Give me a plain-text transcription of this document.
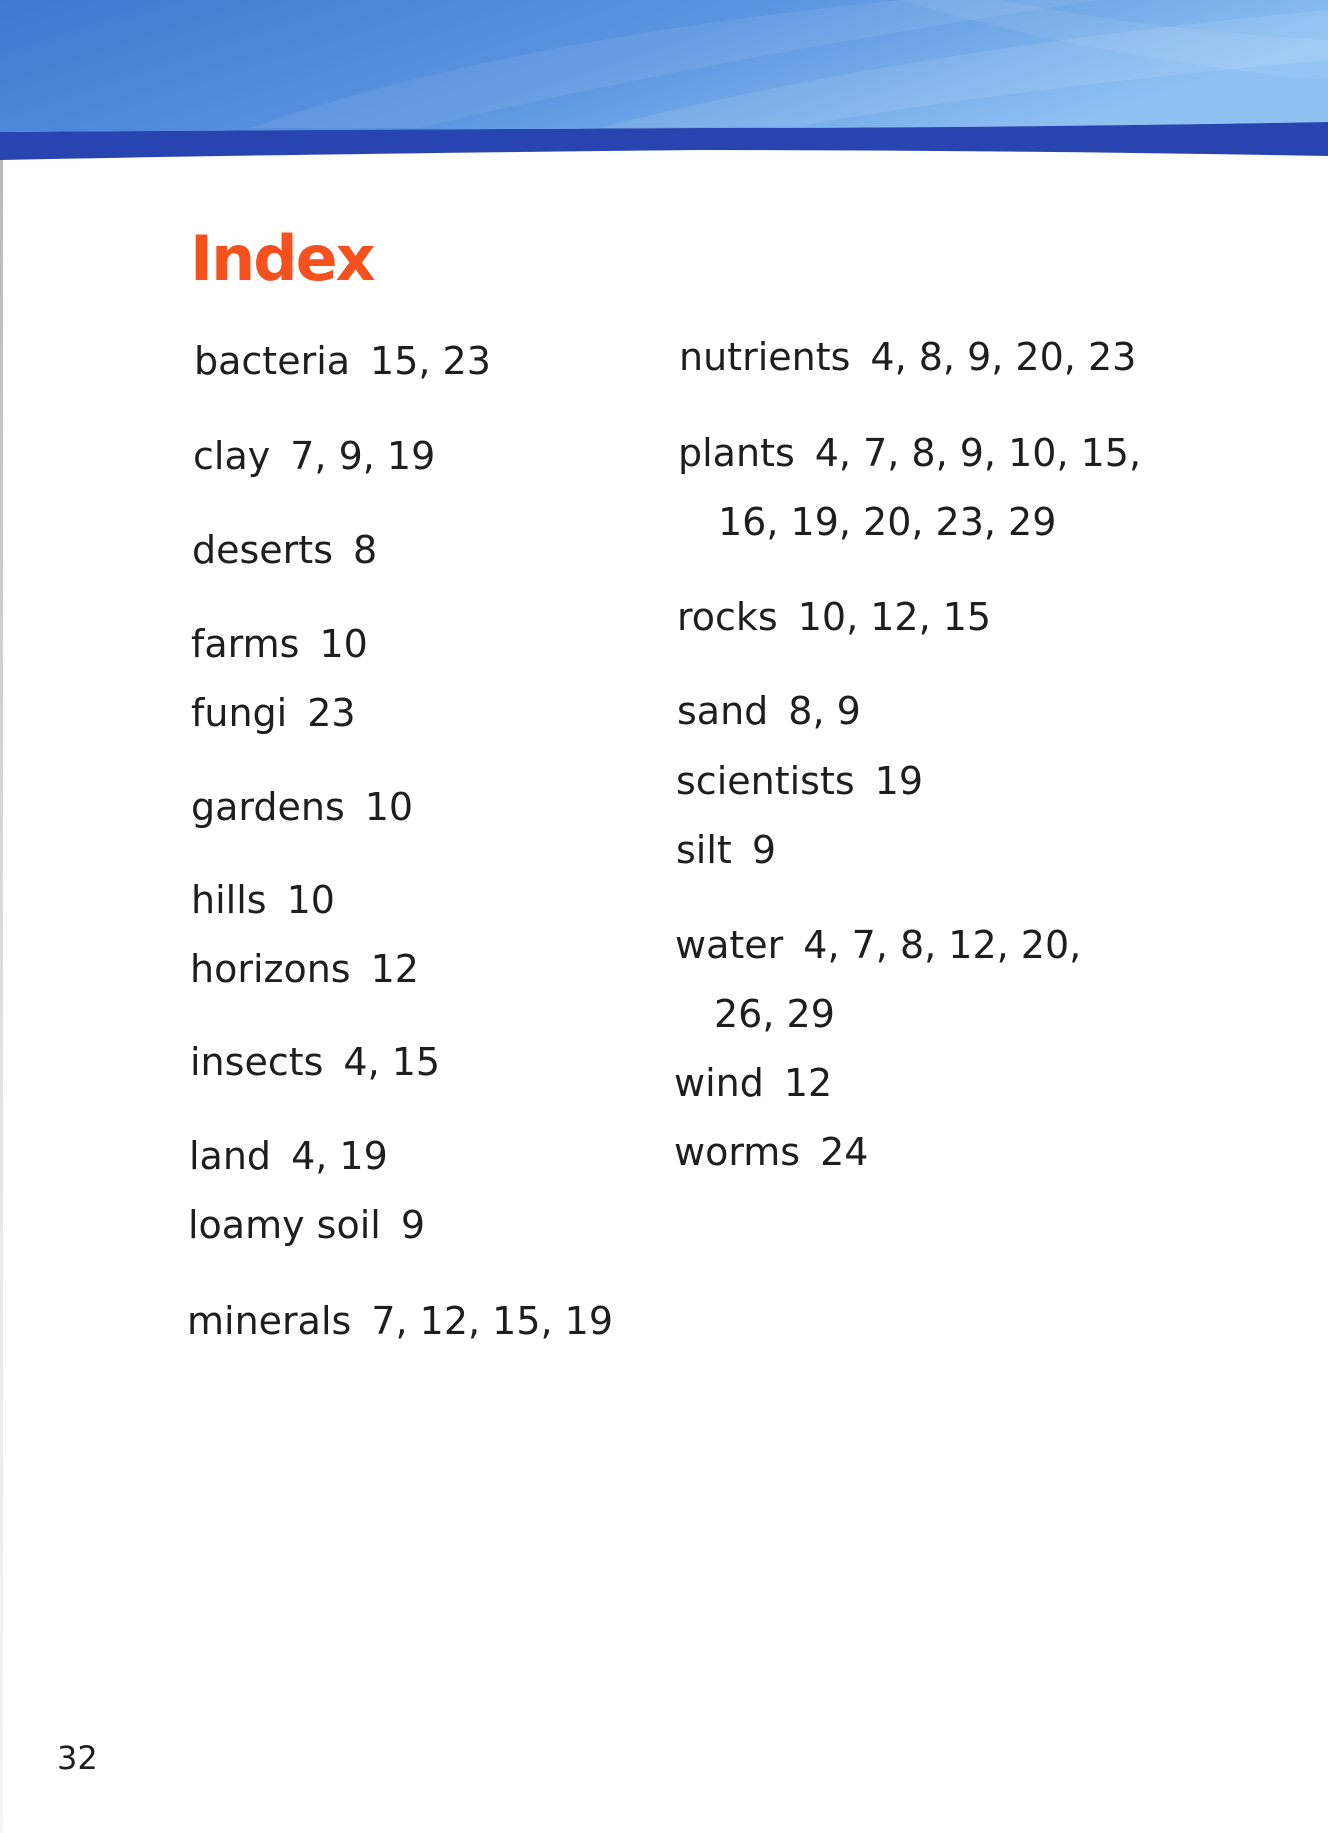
Index
bacteria 15, 23
clay 7, 9, 19
deserts 8
farms 10
fungi 23
gardens 10
hills 10
horizons 12
insects 4, 15
land 4, 19
loamy soil 9
minerals 7, 12, 15, 19
nutrients 4, 8, 9, 20, 23
plants 4, 7, 8, 9, 10, 15,
16, 19, 20, 23, 29
rocks 10, 12, 15
sand 8, 9
scientists 19
silt 9
water 4, 7, 8, 12, 20,
26, 29
wind 12
worms 24
32
